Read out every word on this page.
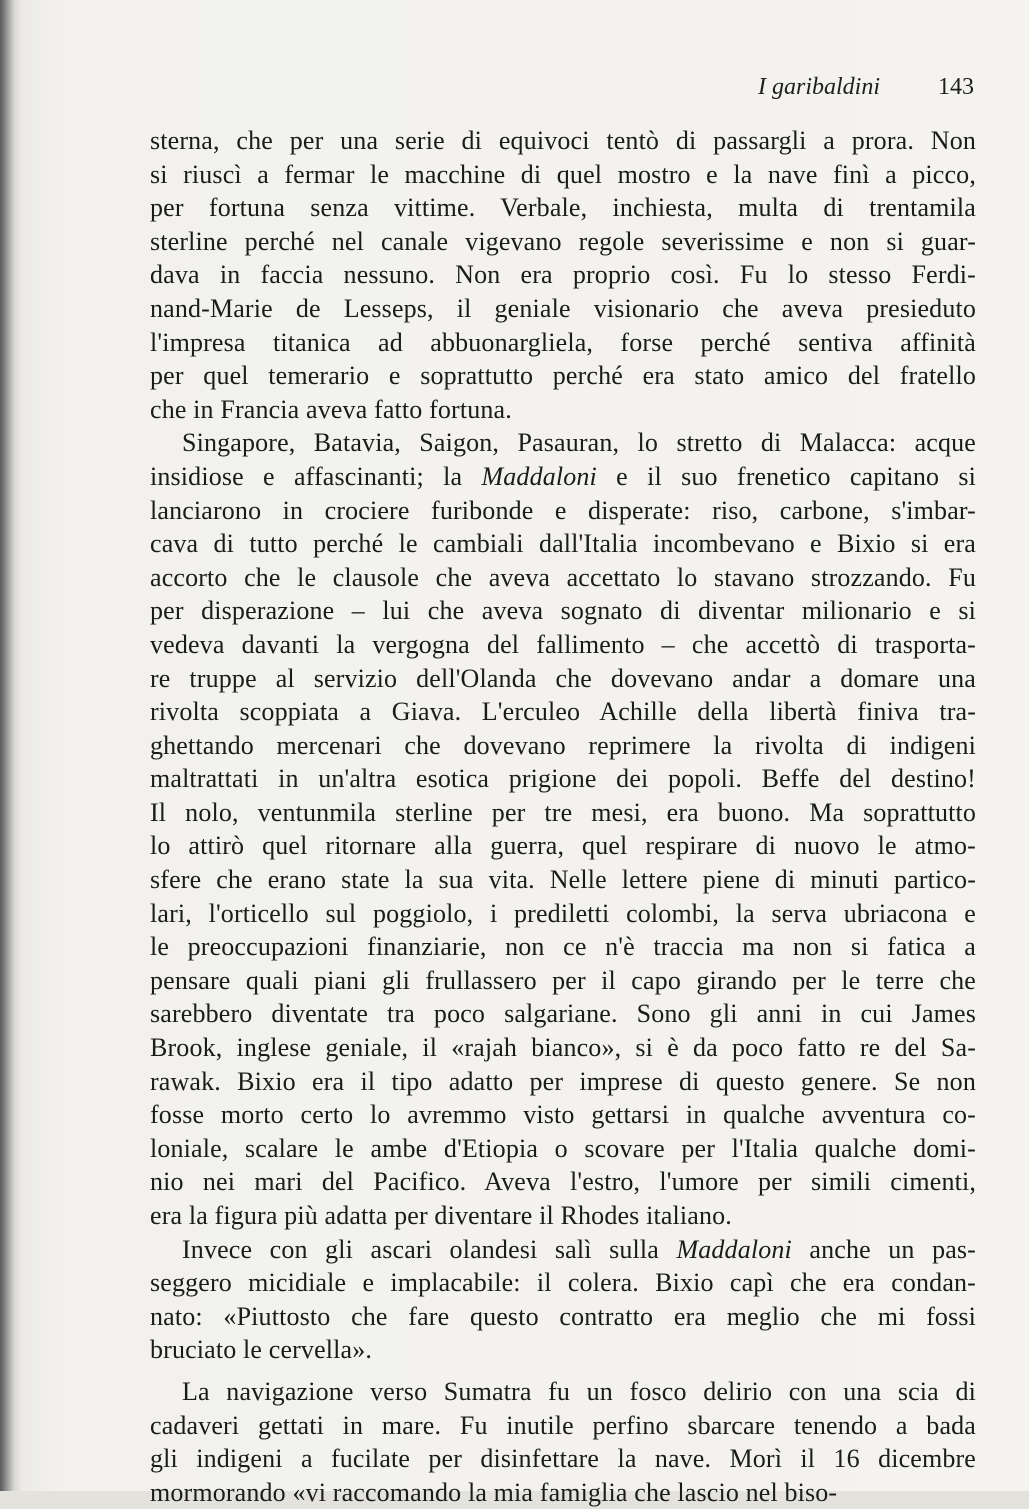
I garibaldini 143
sterna, che per una serie di equivoci tentò di passargli a prora. Non
si riuscì a fermar le macchine di quel mostro e la nave finì a picco,
per fortuna senza vittime. Verbale, inchiesta, multa di trentamila
sterline perché nel canale vigevano regole severissime e non si guar-
dava in faccia nessuno. Non era proprio così. Fu lo stesso Ferdi-
nand-Marie de Lesseps, il geniale visionario che aveva presieduto
l'impresa titanica ad abbuonargliela, forse perché sentiva affinità
per quel temerario e soprattutto perché era stato amico del fratello
che in Francia aveva fatto fortuna.
Singapore, Batavia, Saigon, Pasauran, lo stretto di Malacca: acque
insidiose e affascinanti; la Maddaloni e il suo frenetico capitano si
lanciarono in crociere furibonde e disperate: riso, carbone, s'imbar-
cava di tutto perché le cambiali dall'Italia incombevano e Bixio si era
accorto che le clausole che aveva accettato lo stavano strozzando. Fu
per disperazione – lui che aveva sognato di diventar milionario e si
vedeva davanti la vergogna del fallimento – che accettò di trasporta-
re truppe al servizio dell'Olanda che dovevano andar a domare una
rivolta scoppiata a Giava. L'erculeo Achille della libertà finiva tra-
ghettando mercenari che dovevano reprimere la rivolta di indigeni
maltrattati in un'altra esotica prigione dei popoli. Beffe del destino!
Il nolo, ventunmila sterline per tre mesi, era buono. Ma soprattutto
lo attirò quel ritornare alla guerra, quel respirare di nuovo le atmo-
sfere che erano state la sua vita. Nelle lettere piene di minuti partico-
lari, l'orticello sul poggiolo, i prediletti colombi, la serva ubriacona e
le preoccupazioni finanziarie, non ce n'è traccia ma non si fatica a
pensare quali piani gli frullassero per il capo girando per le terre che
sarebbero diventate tra poco salgariane. Sono gli anni in cui James
Brook, inglese geniale, il «rajah bianco», si è da poco fatto re del Sa-
rawak. Bixio era il tipo adatto per imprese di questo genere. Se non
fosse morto certo lo avremmo visto gettarsi in qualche avventura co-
loniale, scalare le ambe d'Etiopia o scovare per l'Italia qualche domi-
nio nei mari del Pacifico. Aveva l'estro, l'umore per simili cimenti,
era la figura più adatta per diventare il Rhodes italiano.
Invece con gli ascari olandesi salì sulla Maddaloni anche un pas-
seggero micidiale e implacabile: il colera. Bixio capì che era condan-
nato: «Piuttosto che fare questo contratto era meglio che mi fossi
bruciato le cervella».
La navigazione verso Sumatra fu un fosco delirio con una scia di
cadaveri gettati in mare. Fu inutile perfino sbarcare tenendo a bada
gli indigeni a fucilate per disinfettare la nave. Morì il 16 dicembre
mormorando «vi raccomando la mia famiglia che lascio nel biso-
